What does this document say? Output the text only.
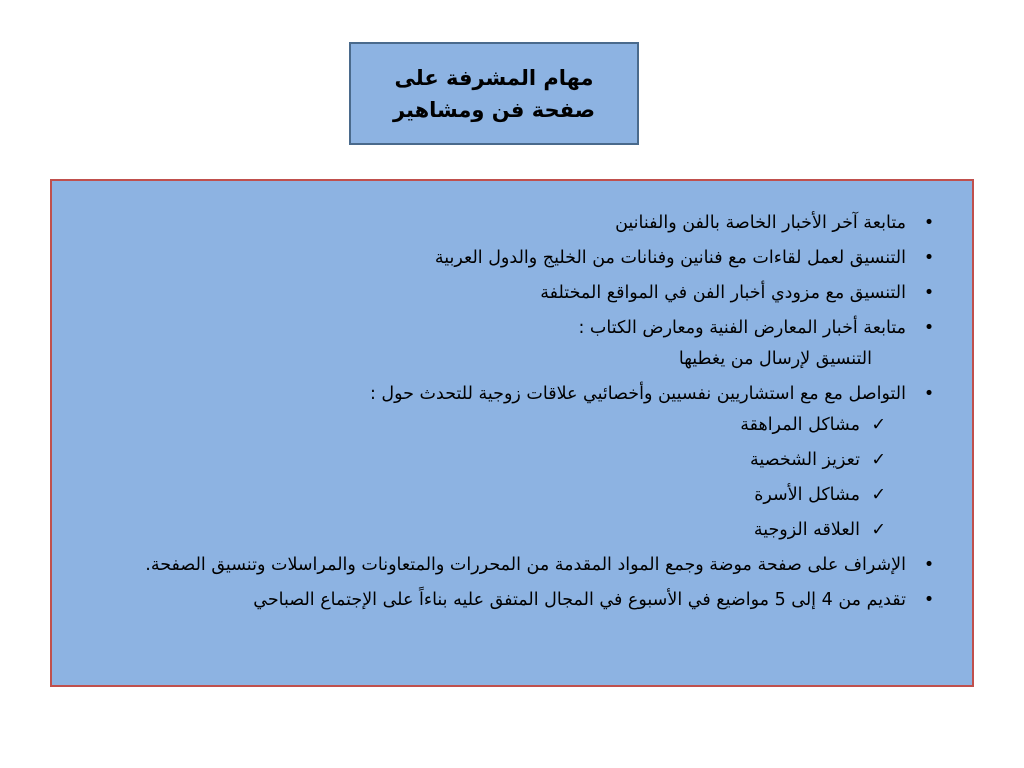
مهام المشرفة على
صفحة فن ومشاهير
•
متابعة آخر الأخبار الخاصة بالفن والفنانين
•
التنسيق لعمل لقاءات مع فنانين وفنانات من الخليج والدول العربية
•
التنسيق مع مزودي أخبار الفن في المواقع المختلفة
•
متابعة أخبار المعارض الفنية ومعارض الكتاب :
التنسيق لإرسال من يغطيها
•
التواصل مع مع استشاريين نفسيين وأخصائيي علاقات زوجية للتحدث حول :
✓مشاكل المراهقة
✓تعزيز الشخصية
✓مشاكل الأسرة
✓العلاقه الزوجية
•
الإشراف على صفحة موضة وجمع المواد المقدمة من المحررات والمتعاونات والمراسلات وتنسيق الصفحة.
•
تقديم من 4 إلى 5 مواضيع في الأسبوع في المجال المتفق عليه بناءاً على الإجتماع الصباحي
